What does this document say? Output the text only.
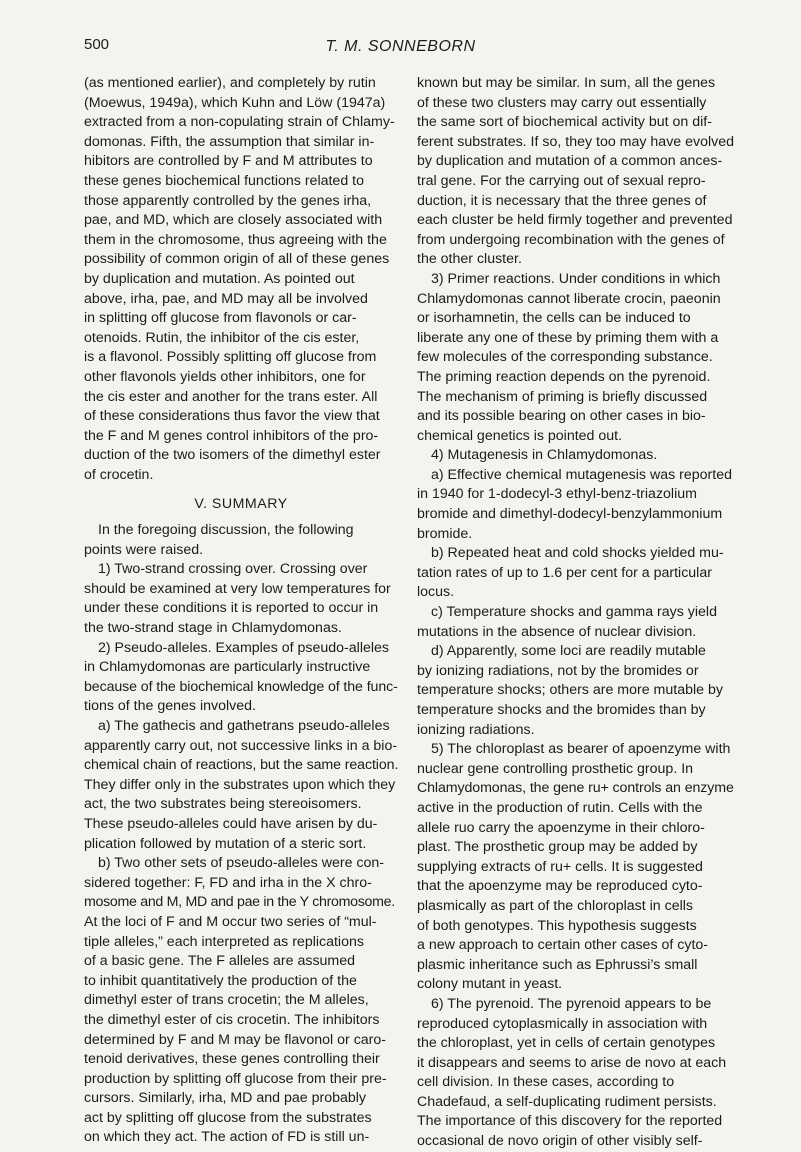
500	T. M. SONNEBORN
(as mentioned earlier), and completely by rutin
(Moewus, 1949a), which Kuhn and Löw (1947a)
extracted from a non-copulating strain of Chlamy-
domonas. Fifth, the assumption that similar in-
hibitors are controlled by F and M attributes to
these genes biochemical functions related to
those apparently controlled by the genes irha,
pae, and MD, which are closely associated with
them in the chromosome, thus agreeing with the
possibility of common origin of all of these genes
by duplication and mutation. As pointed out
above, irha, pae, and MD may all be involved
in splitting off glucose from flavonols or car-
otenoids. Rutin, the inhibitor of the cis ester,
is a flavonol. Possibly splitting off glucose from
other flavonols yields other inhibitors, one for
the cis ester and another for the trans ester. All
of these considerations thus favor the view that
the F and M genes control inhibitors of the pro-
duction of the two isomers of the dimethyl ester
of crocetin.
V. SUMMARY
In the foregoing discussion, the following
points were raised.
1) Two-strand crossing over. Crossing over
should be examined at very low temperatures for
under these conditions it is reported to occur in
the two-strand stage in Chlamydomonas.
2) Pseudo-alleles. Examples of pseudo-alleles
in Chlamydomonas are particularly instructive
because of the biochemical knowledge of the func-
tions of the genes involved.
a) The gathecis and gathetrans pseudo-alleles
apparently carry out, not successive links in a bio-
chemical chain of reactions, but the same reaction.
They differ only in the substrates upon which they
act, the two substrates being stereoisomers.
These pseudo-alleles could have arisen by du-
plication followed by mutation of a steric sort.
b) Two other sets of pseudo-alleles were con-
sidered together: F, FD and irha in the X chro-
mosome and M, MD and pae in the Y chromosome.
At the loci of F and M occur two series of “mul-
tiple alleles,” each interpreted as replications
of a basic gene. The F alleles are assumed
to inhibit quantitatively the production of the
dimethyl ester of trans crocetin; the M alleles,
the dimethyl ester of cis crocetin. The inhibitors
determined by F and M may be flavonol or caro-
tenoid derivatives, these genes controlling their
production by splitting off glucose from their pre-
cursors. Similarly, irha, MD and pae probably
act by splitting off glucose from the substrates
on which they act. The action of FD is still un-
known but may be similar. In sum, all the genes
of these two clusters may carry out essentially
the same sort of biochemical activity but on dif-
ferent substrates. If so, they too may have evolved
by duplication and mutation of a common ances-
tral gene. For the carrying out of sexual repro-
duction, it is necessary that the three genes of
each cluster be held firmly together and prevented
from undergoing recombination with the genes of
the other cluster.
3) Primer reactions. Under conditions in which
Chlamydomonas cannot liberate crocin, paeonin
or isorhamnetin, the cells can be induced to
liberate any one of these by priming them with a
few molecules of the corresponding substance.
The priming reaction depends on the pyrenoid.
The mechanism of priming is briefly discussed
and its possible bearing on other cases in bio-
chemical genetics is pointed out.
4) Mutagenesis in Chlamydomonas.
a) Effective chemical mutagenesis was reported
in 1940 for 1-dodecyl-3 ethyl-benz-triazolium
bromide and dimethyl-dodecyl-benzylammonium
bromide.
b) Repeated heat and cold shocks yielded mu-
tation rates of up to 1.6 per cent for a particular
locus.
c) Temperature shocks and gamma rays yield
mutations in the absence of nuclear division.
d) Apparently, some loci are readily mutable
by ionizing radiations, not by the bromides or
temperature shocks; others are more mutable by
temperature shocks and the bromides than by
ionizing radiations.
5) The chloroplast as bearer of apoenzyme with
nuclear gene controlling prosthetic group. In
Chlamydomonas, the gene ru+ controls an enzyme
active in the production of rutin. Cells with the
allele ruo carry the apoenzyme in their chloro-
plast. The prosthetic group may be added by
supplying extracts of ru+ cells. It is suggested
that the apoenzyme may be reproduced cyto-
plasmically as part of the chloroplast in cells
of both genotypes. This hypothesis suggests
a new approach to certain other cases of cyto-
plasmic inheritance such as Ephrussi’s small
colony mutant in yeast.
6) The pyrenoid. The pyrenoid appears to be
reproduced cytoplasmically in association with
the chloroplast, yet in cells of certain genotypes
it disappears and seems to arise de novo at each
cell division. In these cases, according to
Chadefaud, a self-duplicating rudiment persists.
The importance of this discovery for the reported
occasional de novo origin of other visibly self-
